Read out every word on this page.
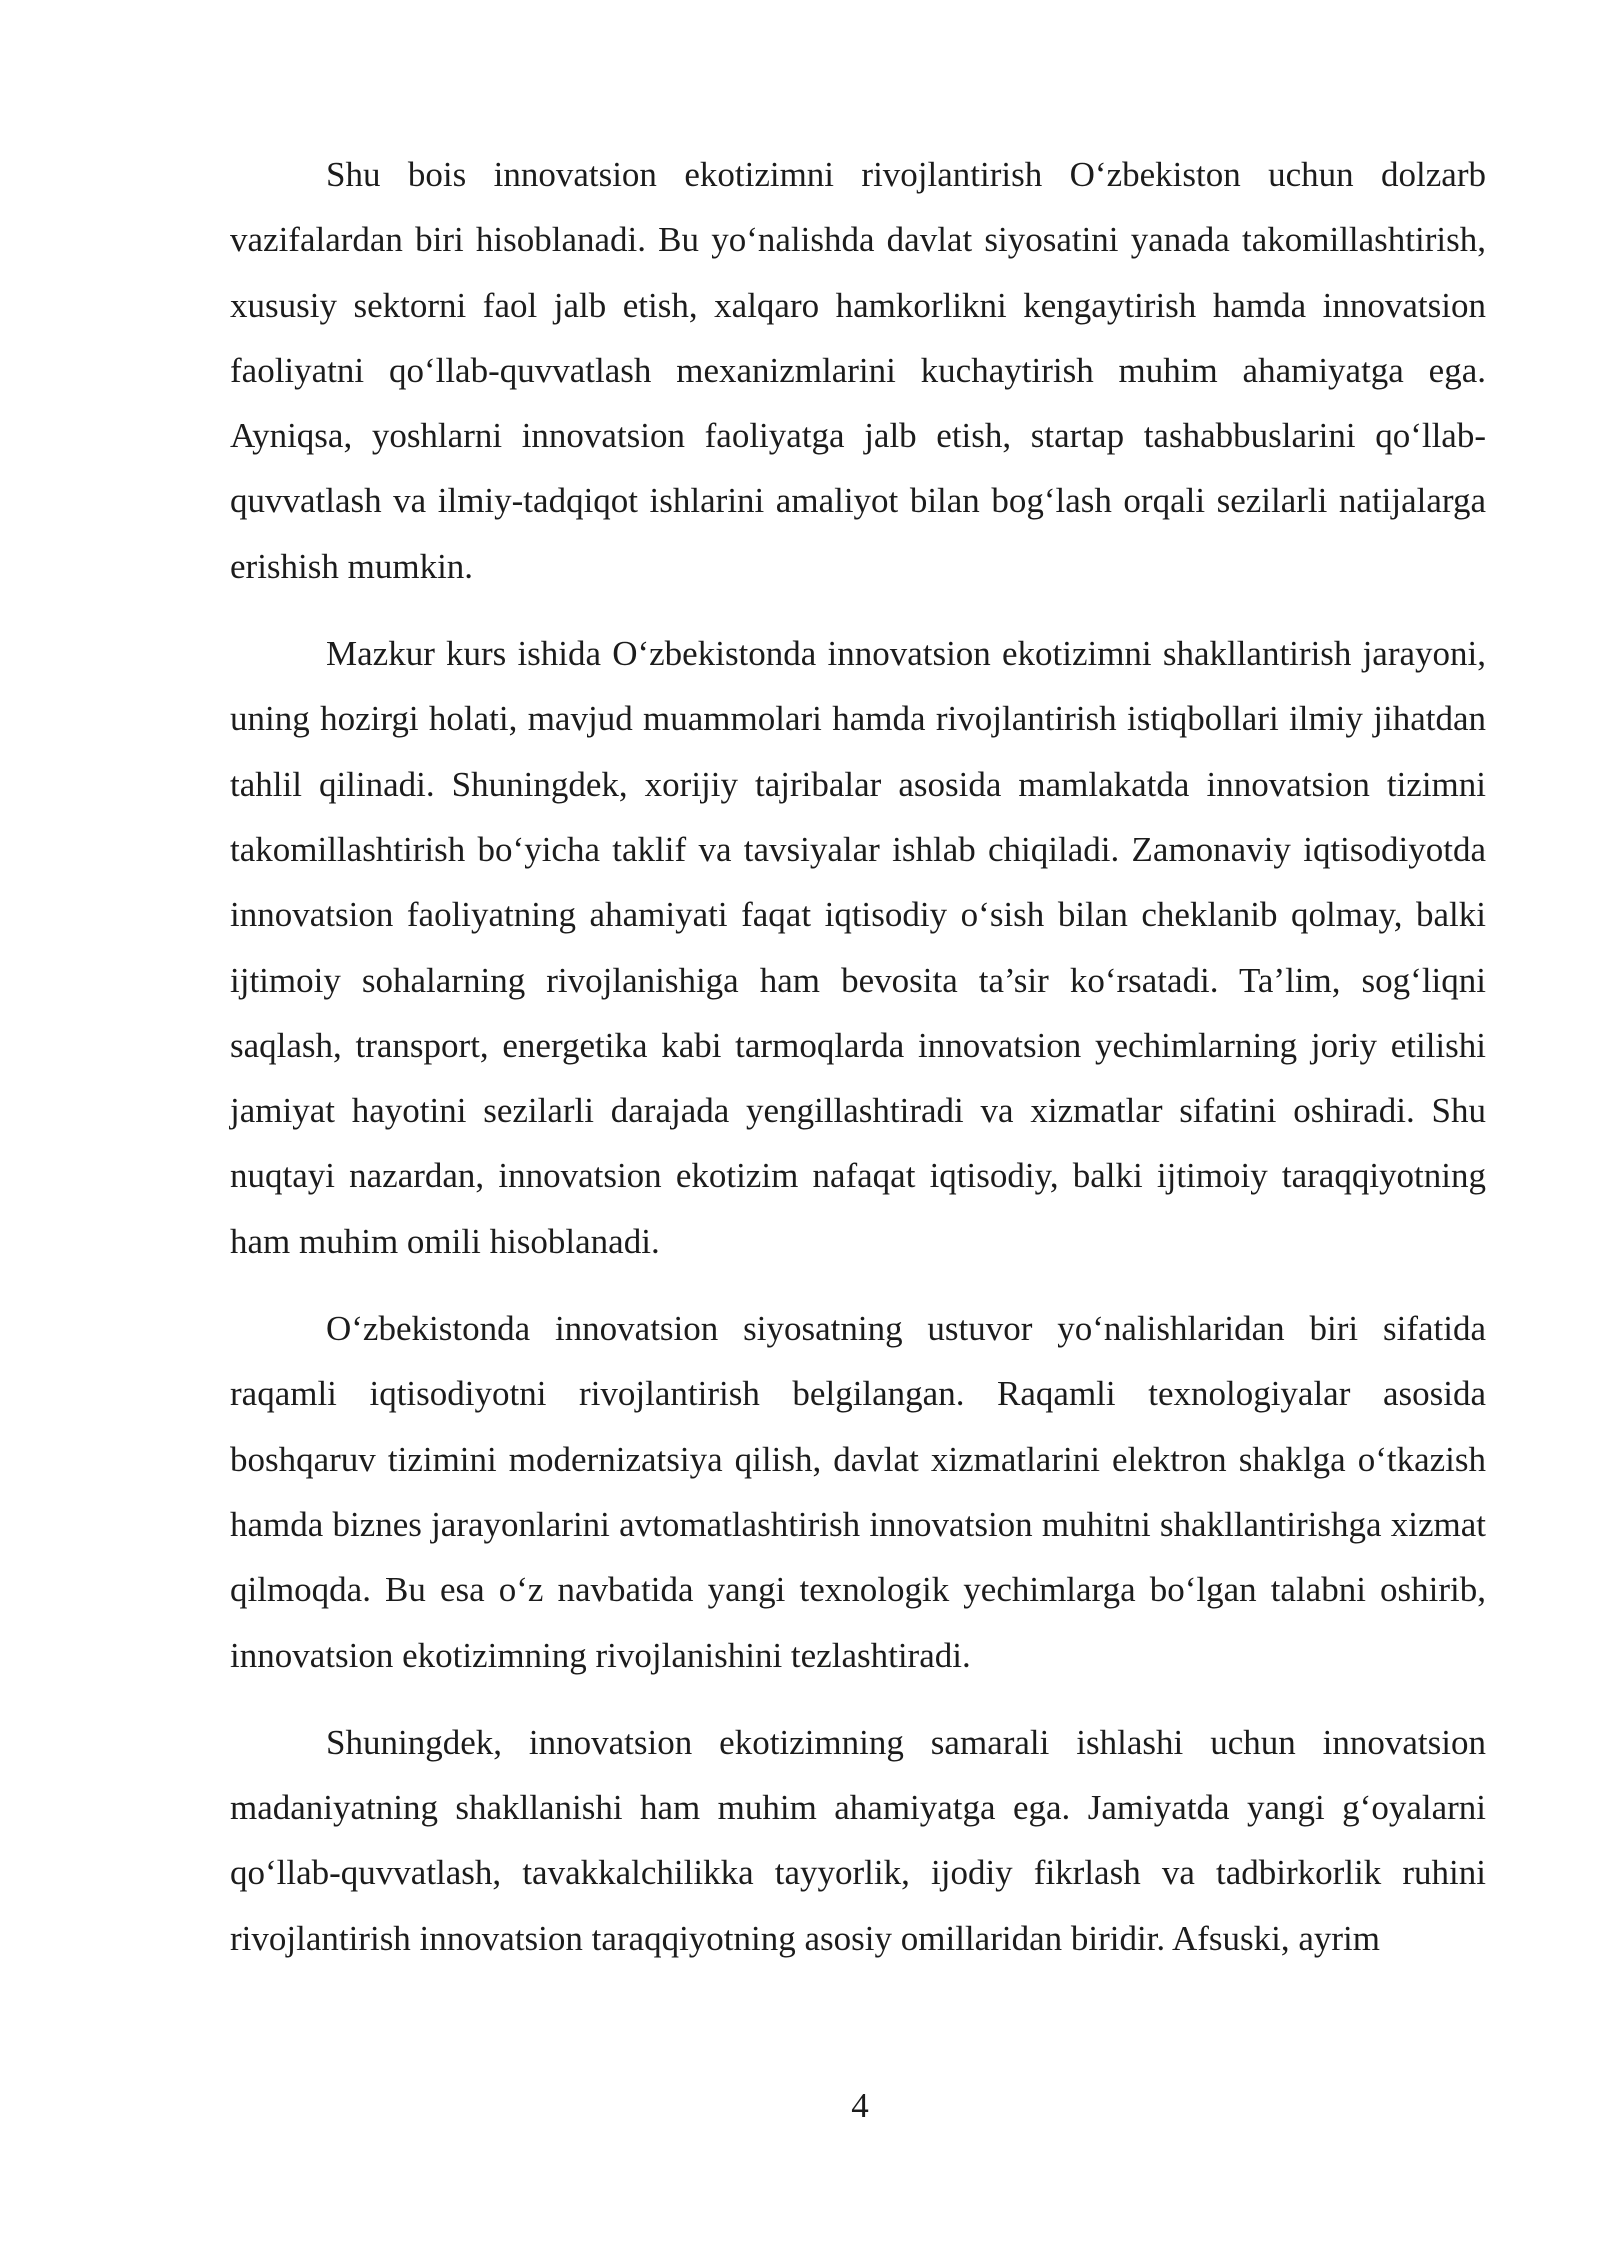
Shu bois innovatsion ekotizimni rivojlantirish O‘zbekiston uchun dolzarb vazifalardan biri hisoblanadi. Bu yo‘nalishda davlat siyosatini yanada takomillashtirish, xususiy sektorni faol jalb etish, xalqaro hamkorlikni kengaytirish hamda innovatsion faoliyatni qo‘llab-quvvatlash mexanizmlarini kuchaytirish muhim ahamiyatga ega. Ayniqsa, yoshlarni innovatsion faoliyatga jalb etish, startap tashabbuslarini qo‘llab-quvvatlash va ilmiy-tadqiqot ishlarini amaliyot bilan bog‘lash orqali sezilarli natijalarga erishish mumkin.

Mazkur kurs ishida O‘zbekistonda innovatsion ekotizimni shakllantirish jarayoni, uning hozirgi holati, mavjud muammolari hamda rivojlantirish istiqbollari ilmiy jihatdan tahlil qilinadi. Shuningdek, xorijiy tajribalar asosida mamlakatda innovatsion tizimni takomillashtirish bo‘yicha taklif va tavsiyalar ishlab chiqiladi. Zamonaviy iqtisodiyotda innovatsion faoliyatning ahamiyati faqat iqtisodiy o‘sish bilan cheklanib qolmay, balki ijtimoiy sohalarning rivojlanishiga ham bevosita ta’sir ko‘rsatadi. Ta’lim, sog‘liqni saqlash, transport, energetika kabi tarmoqlarda innovatsion yechimlarning joriy etilishi jamiyat hayotini sezilarli darajada yengillashtiradi va xizmatlar sifatini oshiradi. Shu nuqtayi nazardan, innovatsion ekotizim nafaqat iqtisodiy, balki ijtimoiy taraqqiyotning ham muhim omili hisoblanadi.

O‘zbekistonda innovatsion siyosatning ustuvor yo‘nalishlaridan biri sifatida raqamli iqtisodiyotni rivojlantirish belgilangan. Raqamli texnologiyalar asosida boshqaruv tizimini modernizatsiya qilish, davlat xizmatlarini elektron shaklga o‘tkazish hamda biznes jarayonlarini avtomatlashtirish innovatsion muhitni shakllantirishga xizmat qilmoqda. Bu esa o‘z navbatida yangi texnologik yechimlarga bo‘lgan talabni oshirib, innovatsion ekotizimning rivojlanishini tezlashtiradi.

Shuningdek, innovatsion ekotizimning samarali ishlashi uchun innovatsion madaniyatning shakllanishi ham muhim ahamiyatga ega. Jamiyatda yangi g‘oyalarni qo‘llab-quvvatlash, tavakkalchilikka tayyorlik, ijodiy fikrlash va tadbirkorlik ruhini rivojlantirish innovatsion taraqqiyotning asosiy omillaridan biridir. Afsuski, ayrim

4
